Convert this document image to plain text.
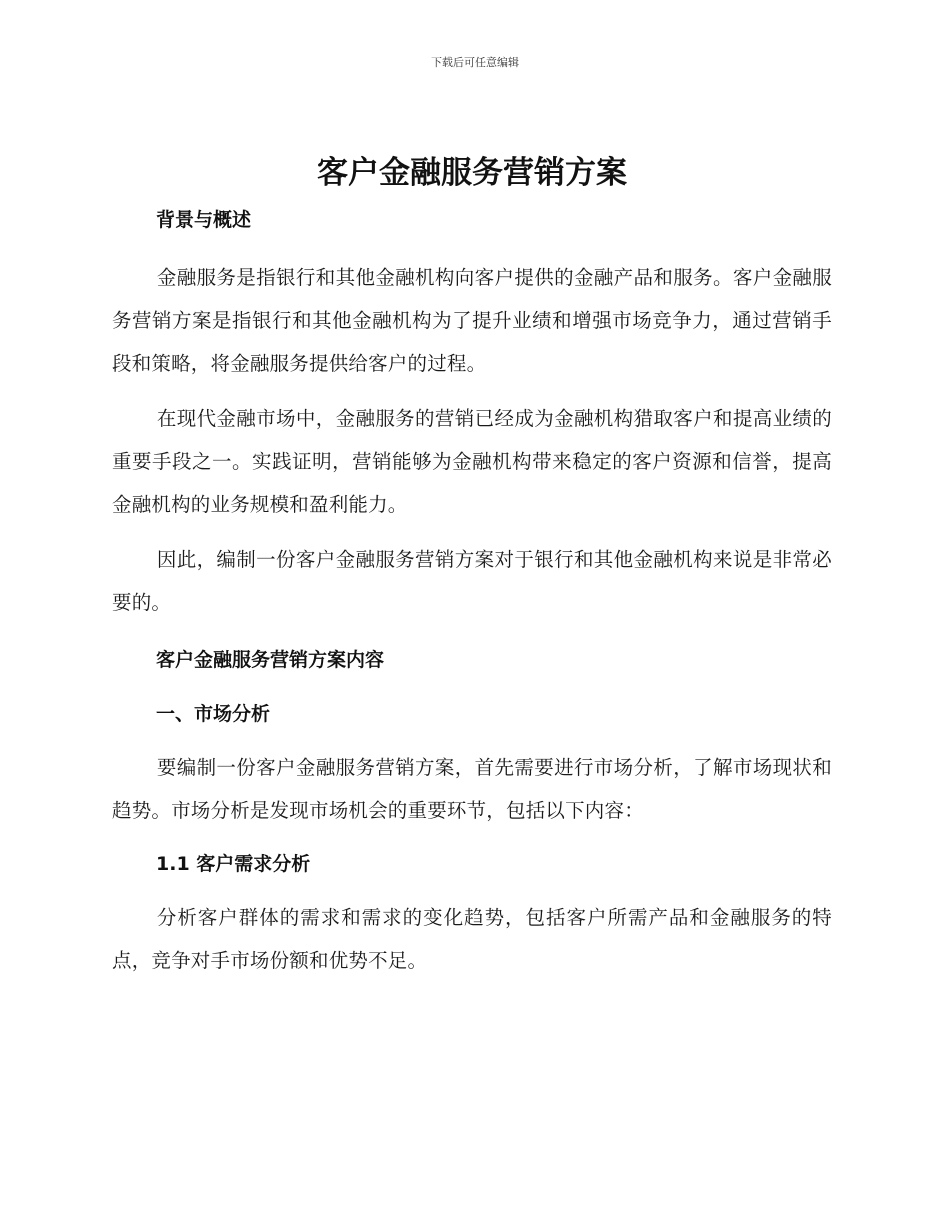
下载后可任意编辑
客户金融服务营销方案
背景与概述

金融服务是指银行和其他金融机构向客户提供的金融产品和服务。客户金融服务营销方案是指银行和其他金融机构为了提升业绩和增强市场竞争力，通过营销手段和策略，将金融服务提供给客户的过程。

在现代金融市场中，金融服务的营销已经成为金融机构猎取客户和提高业绩的重要手段之一。实践证明，营销能够为金融机构带来稳定的客户资源和信誉，提高金融机构的业务规模和盈利能力。

因此，编制一份客户金融服务营销方案对于银行和其他金融机构来说是非常必要的。

客户金融服务营销方案内容
一、市场分析

要编制一份客户金融服务营销方案，首先需要进行市场分析，了解市场现状和趋势。市场分析是发现市场机会的重要环节，包括以下内容：

1.1 客户需求分析

分析客户群体的需求和需求的变化趋势，包括客户所需产品和金融服务的特点，竞争对手市场份额和优势不足。
